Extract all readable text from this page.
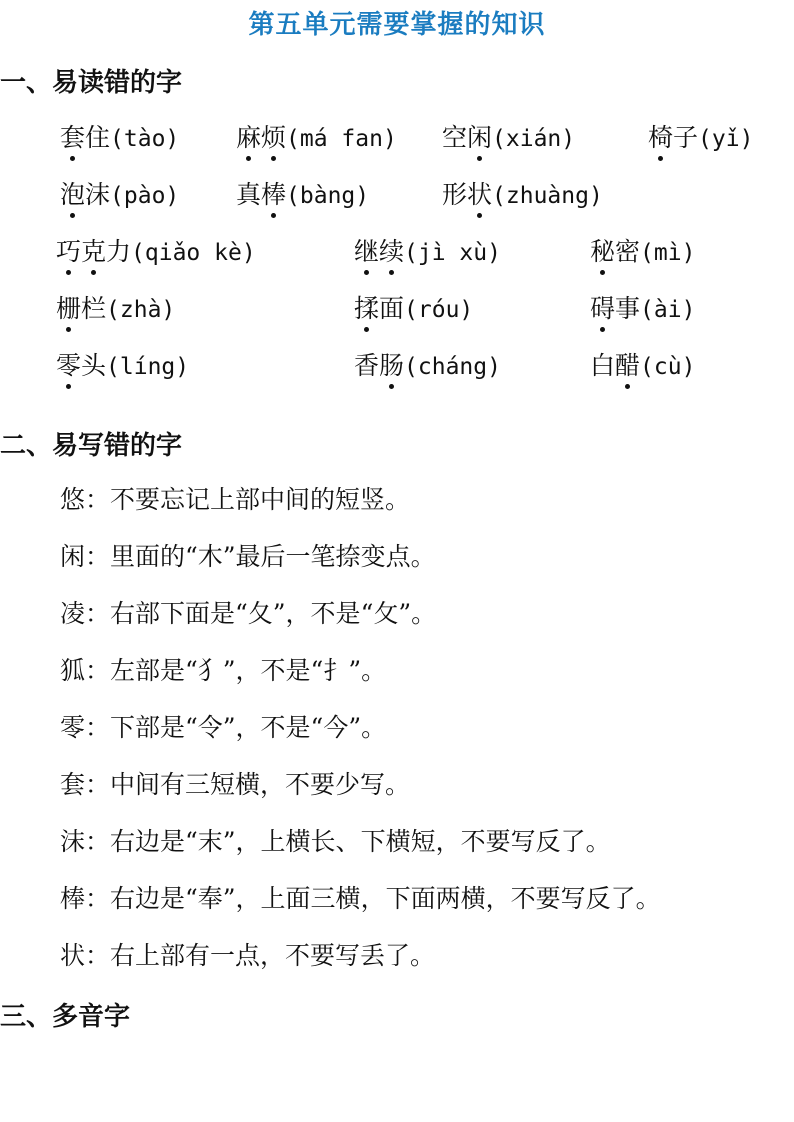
第五单元需要掌握的知识
一、易读错的字
套住(tào) 麻烦(má fan) 空闲(xián)	椅子(yǐ)
泡沫(pào) 真棒(bàng)	形状(zhuàng)
巧克力(qiǎo kè)	继续(jì xù)	秘密(mì)
栅栏(zhà)	揉面(róu)	碍事(ài)
零头(líng)	香肠(cháng)	白醋(cù)
二、易写错的字
悠：不要忘记上部中间的短竖。
闲：里面的“木”最后一笔捺变点。
凌：右部下面是“夂”，不是“攵”。
狐：左部是“犭”，不是“扌”。
零：下部是“令”，不是“今”。
套：中间有三短横，不要少写。
沫：右边是“末”，上横长、下横短，不要写反了。
棒：右边是“奉”，上面三横，下面两横，不要写反了。
状：右上部有一点，不要写丢了。
三、多音字
